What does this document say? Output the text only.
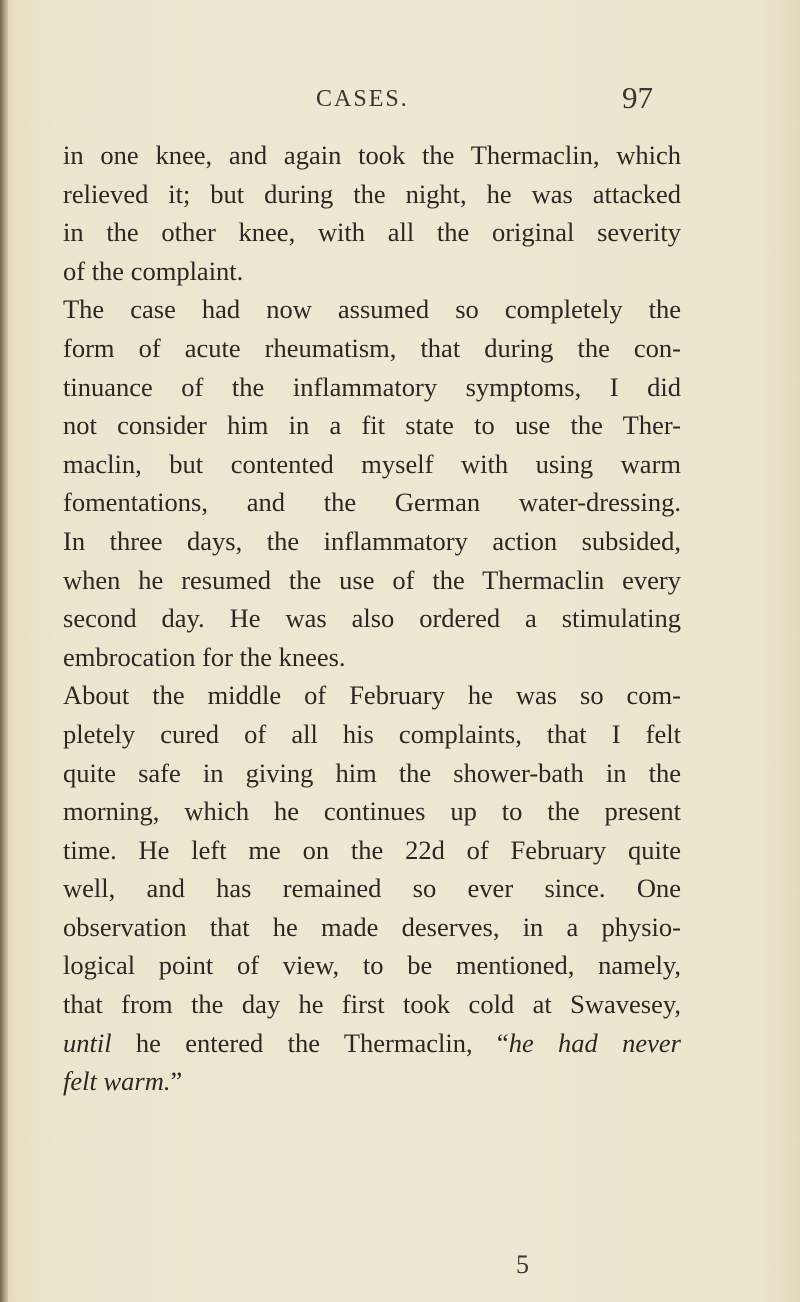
CASES.	97
in one knee, and again took the Thermaclin, which
relieved it; but during the night, he was attacked
in the other knee, with all the original severity
of the complaint.
The case had now assumed so completely the
form of acute rheumatism, that during the con-
tinuance of the inflammatory symptoms, I did
not consider him in a fit state to use the Ther-
maclin, but contented myself with using warm
fomentations, and the German water-dressing.
In three days, the inflammatory action subsided,
when he resumed the use of the Thermaclin every
second day. He was also ordered a stimulating
embrocation for the knees.
About the middle of February he was so com-
pletely cured of all his complaints, that I felt
quite safe in giving him the shower-bath in the
morning, which he continues up to the present
time. He left me on the 22d of February quite
well, and has remained so ever since. One
observation that he made deserves, in a physio-
logical point of view, to be mentioned, namely,
that from the day he first took cold at Swavesey,
until he entered the Thermaclin, “he had never
felt warm.”
5
